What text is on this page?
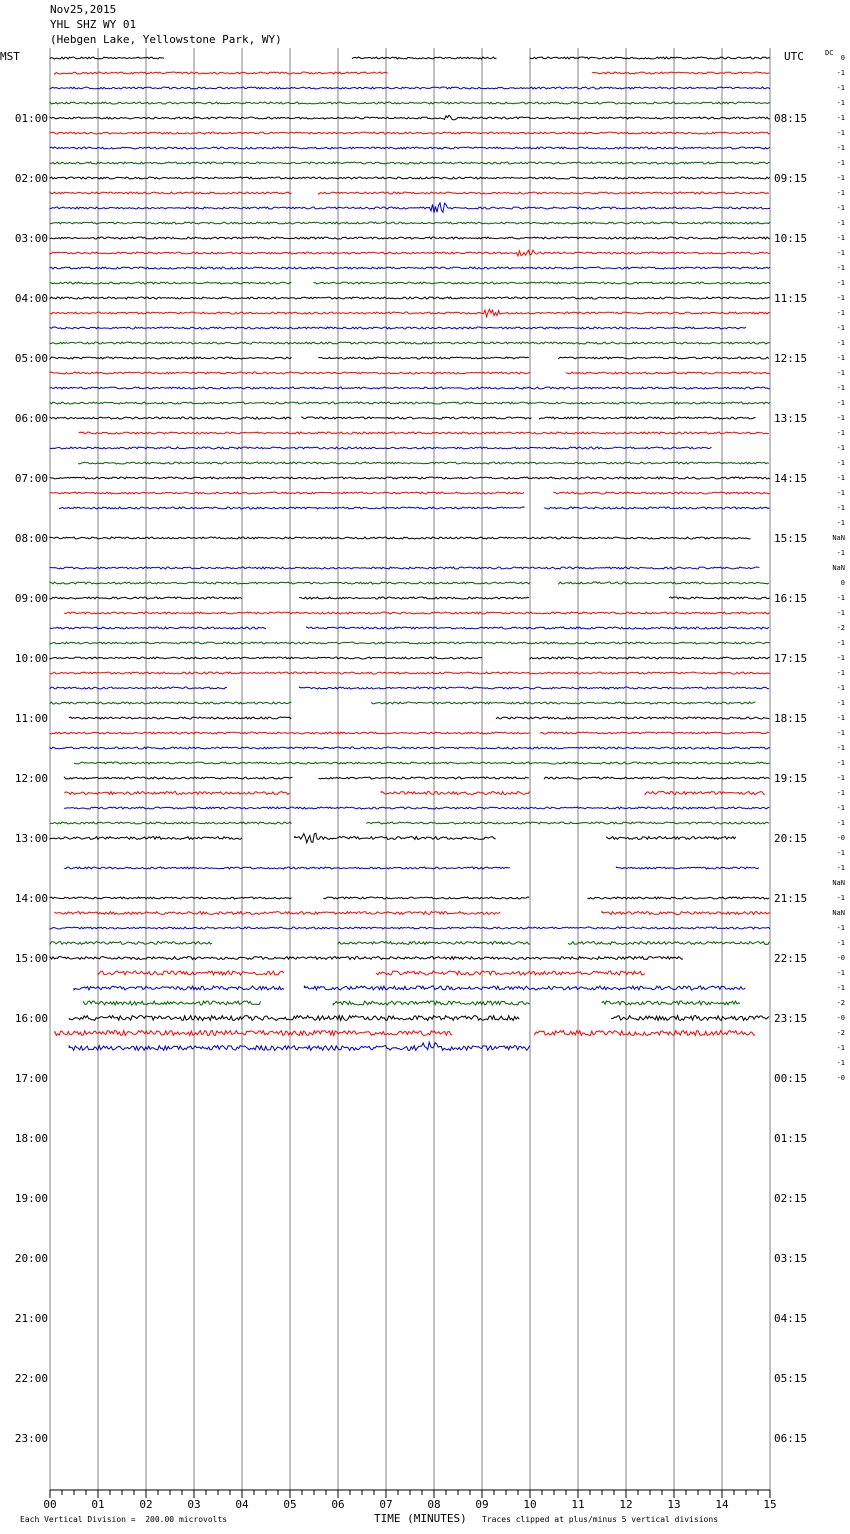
01:00	08:15
02:00	09:15
03:00	10:15
04:00	11:15
05:00	12:15
06:00	13:15
07:00	14:15
08:00	15:15
09:00	16:15
10:00	17:15
11:00	18:15
12:00	19:15
13:00	20:15
14:00	21:15
15:00	22:15
16:00	23:15
17:00	00:15
18:00	01:15
19:00	02:15
20:00	03:15
21:00	04:15
22:00	05:15
23:00	06:15
0
-1
-1
-1
-1
-1
-1
-1
-1
-1
-1
-1
-1
-1
-1
-1
-1
-1
-1
-1
-1
-1
-1
-1
-1
-1
-1
-1
-1
-1
-1
-1
NaN
-1
NaN
0
-1
-1
-2
-1
-1
-1
-1
-1
-1
-1
-1
-1
-1
-1
-1
-1
-0
-1
-1
NaN
-1
NaN
-1
-1
-0
-1
-1
-2
-0
-2
-1
-1
-0
00	01	02	03	04	05	06	07	08	09	10	11	12	13	14	15
Nov25,2015
YHL SHZ WY 01
(Hebgen Lake, Yellowstone Park, WY)
MST	UTC	DC
Each Vertical Division =  200.00 microvolts	TIME (MINUTES) Traces clipped at plus/minus 5 vertical divisions
